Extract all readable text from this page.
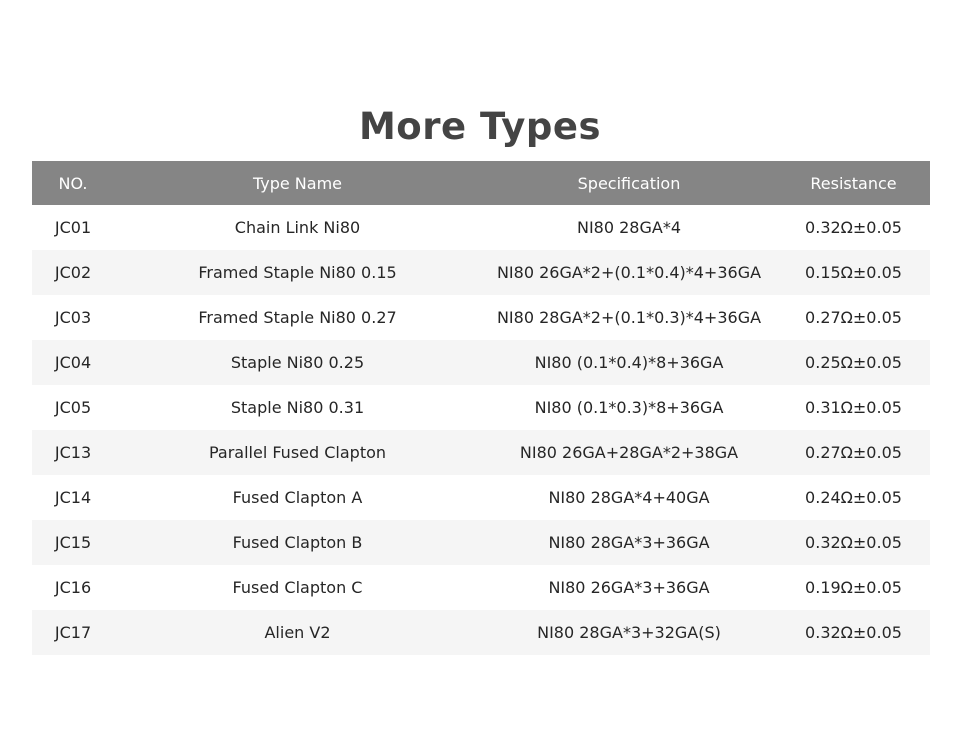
More Types
NO.	Type Name	Specification	Resistance
JC01	Chain Link Ni80	NI80 28GA*4	0.32Ω±0.05
JC02	Framed Staple Ni80 0.15	NI80 26GA*2+(0.1*0.4)*4+36GA	0.15Ω±0.05
JC03	Framed Staple Ni80 0.27	NI80 28GA*2+(0.1*0.3)*4+36GA	0.27Ω±0.05
JC04	Staple Ni80 0.25	NI80 (0.1*0.4)*8+36GA	0.25Ω±0.05
JC05	Staple Ni80 0.31	NI80 (0.1*0.3)*8+36GA	0.31Ω±0.05
JC13	Parallel Fused Clapton	NI80 26GA+28GA*2+38GA	0.27Ω±0.05
JC14	Fused Clapton A	NI80 28GA*4+40GA	0.24Ω±0.05
JC15	Fused Clapton B	NI80 28GA*3+36GA	0.32Ω±0.05
JC16	Fused Clapton C	NI80 26GA*3+36GA	0.19Ω±0.05
JC17	Alien V2	NI80 28GA*3+32GA(S)	0.32Ω±0.05
